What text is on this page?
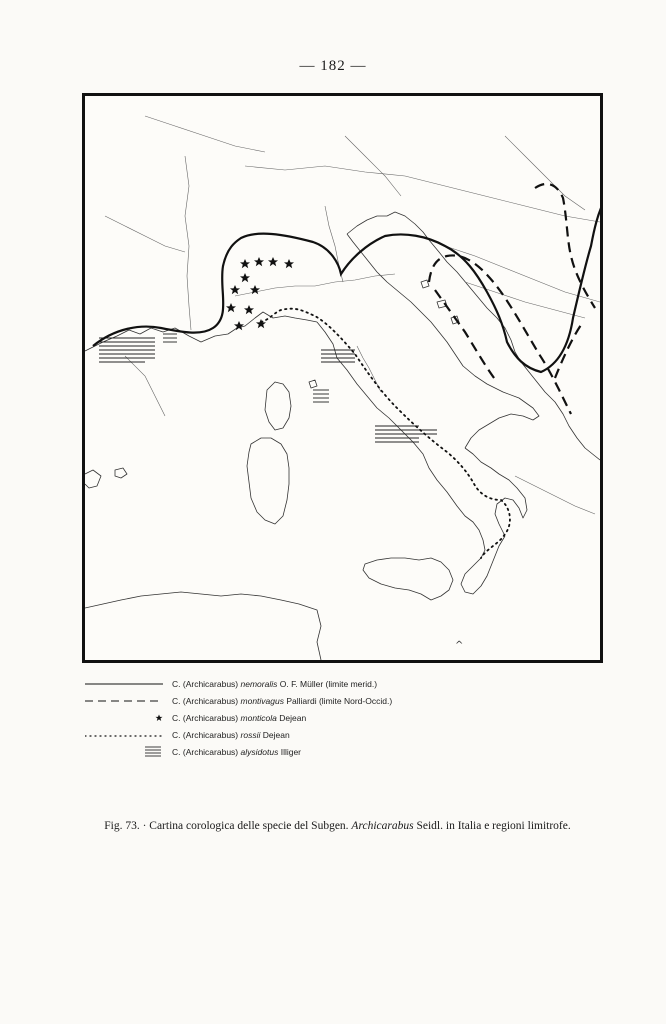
— 182 —
^
C. (Archicarabus) nemoralis O. F. Müller (limite merid.)
C. (Archicarabus) montivagus Palliardi (limite Nord-Occid.)
C. (Archicarabus) monticola Dejean
C. (Archicarabus) rossii Dejean
C. (Archicarabus) alysidotus Illiger
Fig. 73. · Cartina corologica delle specie del Subgen. Archicarabus Seidl. in Italia e regioni limitrofe.
